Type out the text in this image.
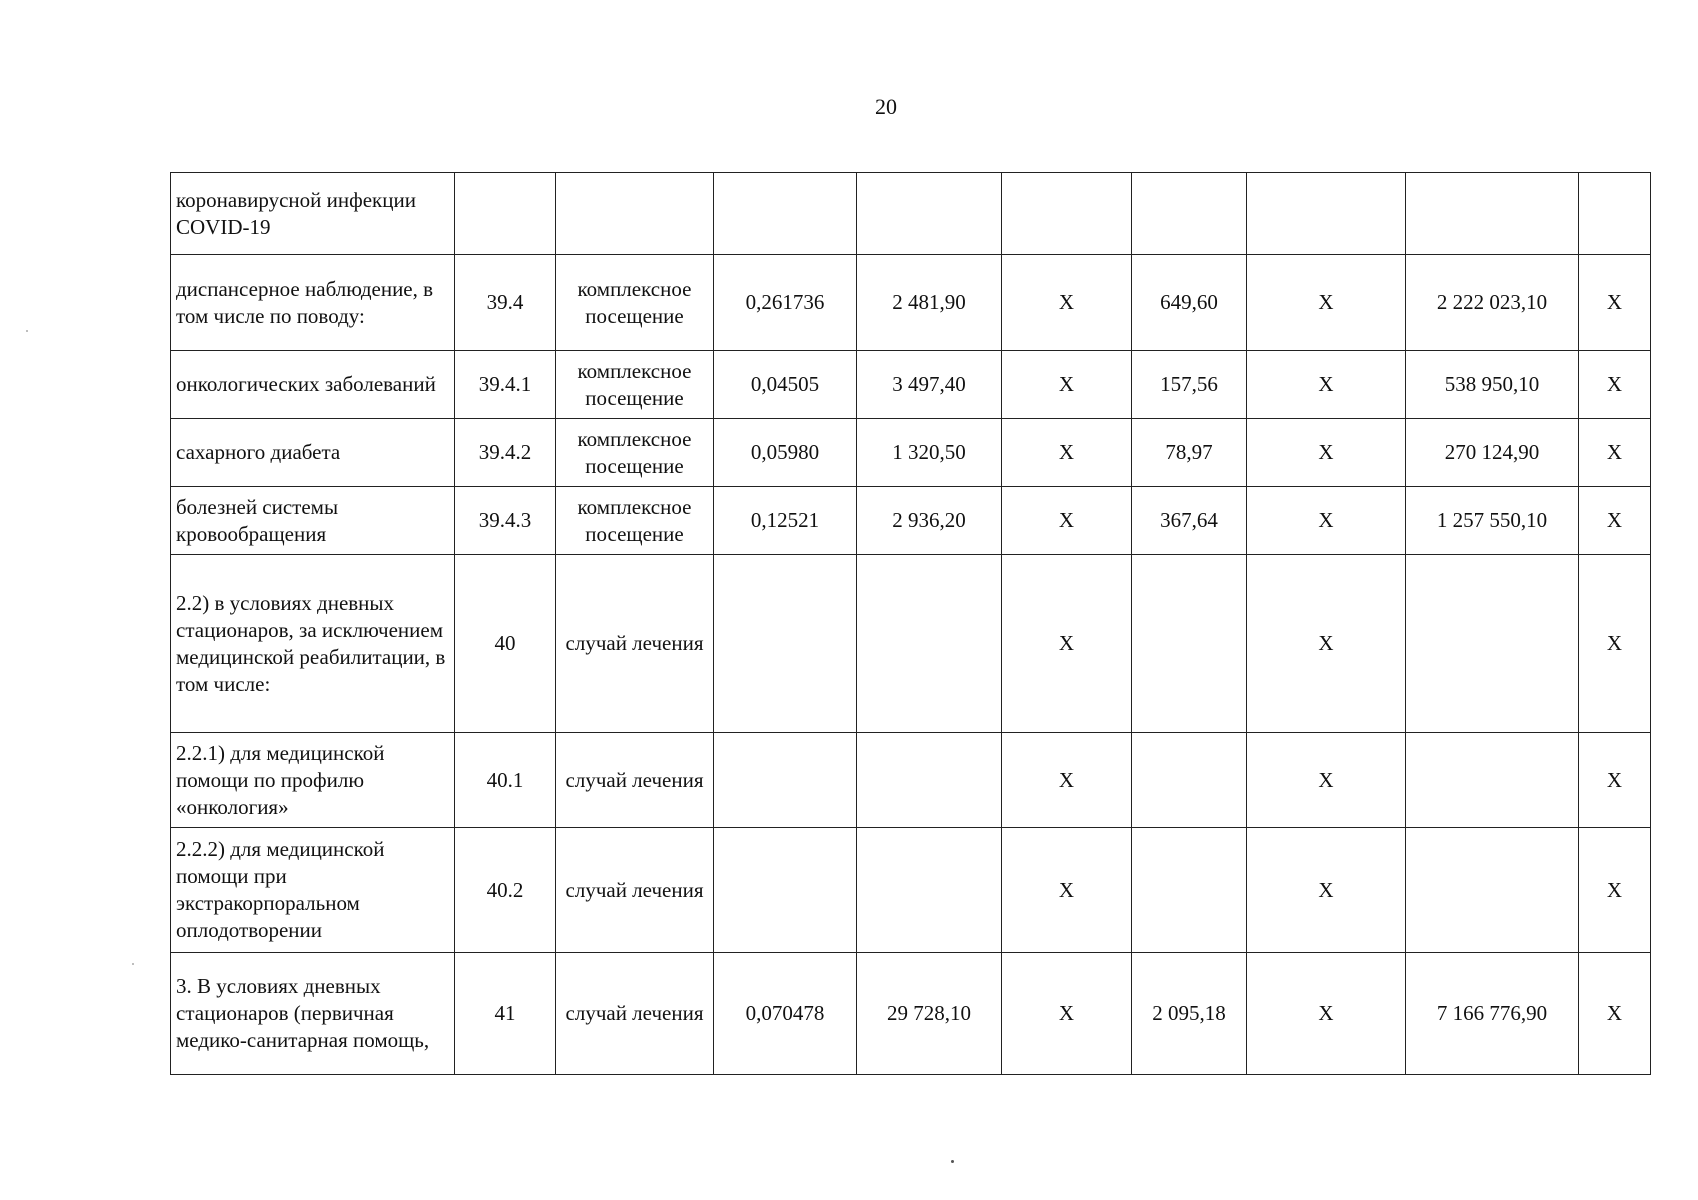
20
коронавирусной инфекции COVID-19									
диспансерное наблюдение, в том числе по поводу:	39.4	комплексное посещение	0,261736	2 481,90	X	649,60	X	2 222 023,10	X
онкологических заболеваний	39.4.1	комплексное посещение	0,04505	3 497,40	X	157,56	X	538 950,10	X
сахарного диабета	39.4.2	комплексное посещение	0,05980	1 320,50	X	78,97	X	270 124,90	X
болезней системы кровообращения	39.4.3	комплексное посещение	0,12521	2 936,20	X	367,64	X	1 257 550,10	X
2.2) в условиях дневных стационаров, за исключением медицинской реабилитации, в том числе:	40	случай лечения			X		X		X
2.2.1) для медицинской помощи по профилю «онкология»	40.1	случай лечения			X		X		X
2.2.2) для медицинской помощи при экстракорпоральном оплодотворении	40.2	случай лечения			X		X		X
3. В условиях дневных стационаров (первичная медико-санитарная помощь,	41	случай лечения	0,070478	29 728,10	X	2 095,18	X	7 166 776,90	X
